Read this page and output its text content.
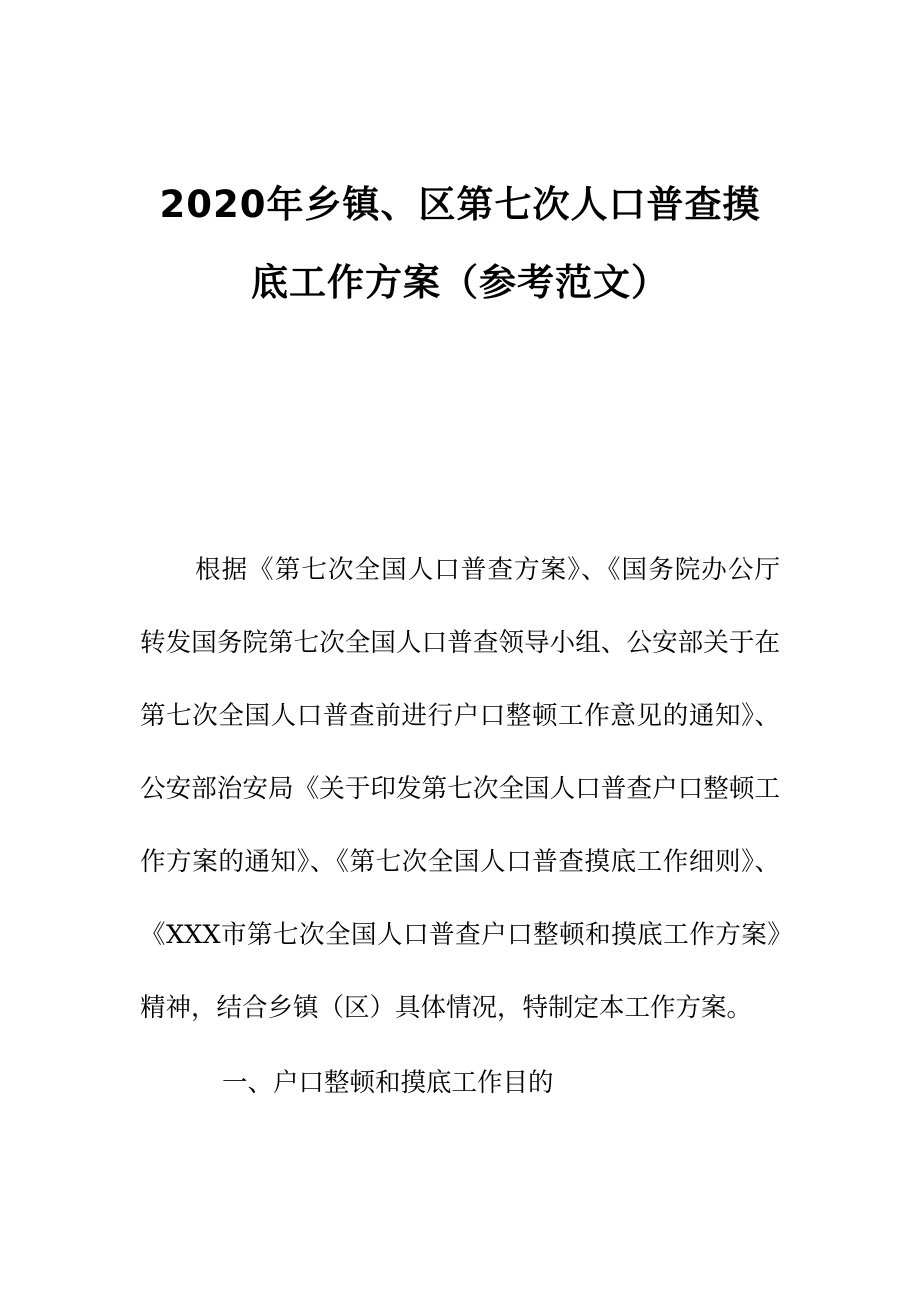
2020年乡镇、区第七次人口普查摸
底工作方案（参考范文）

根据《第七次全国人口普查方案》、《国务院办公厅转发国务院第七次全国人口普查领导小组、公安部关于在第七次全国人口普查前进行户口整顿工作意见的通知》、公安部治安局《关于印发第七次全国人口普查户口整顿工作方案的通知》、《第七次全国人口普查摸底工作细则》、《XXX市第七次全国人口普查户口整顿和摸底工作方案》精神，结合乡镇（区）具体情况，特制定本工作方案。

一、户口整顿和摸底工作目的
